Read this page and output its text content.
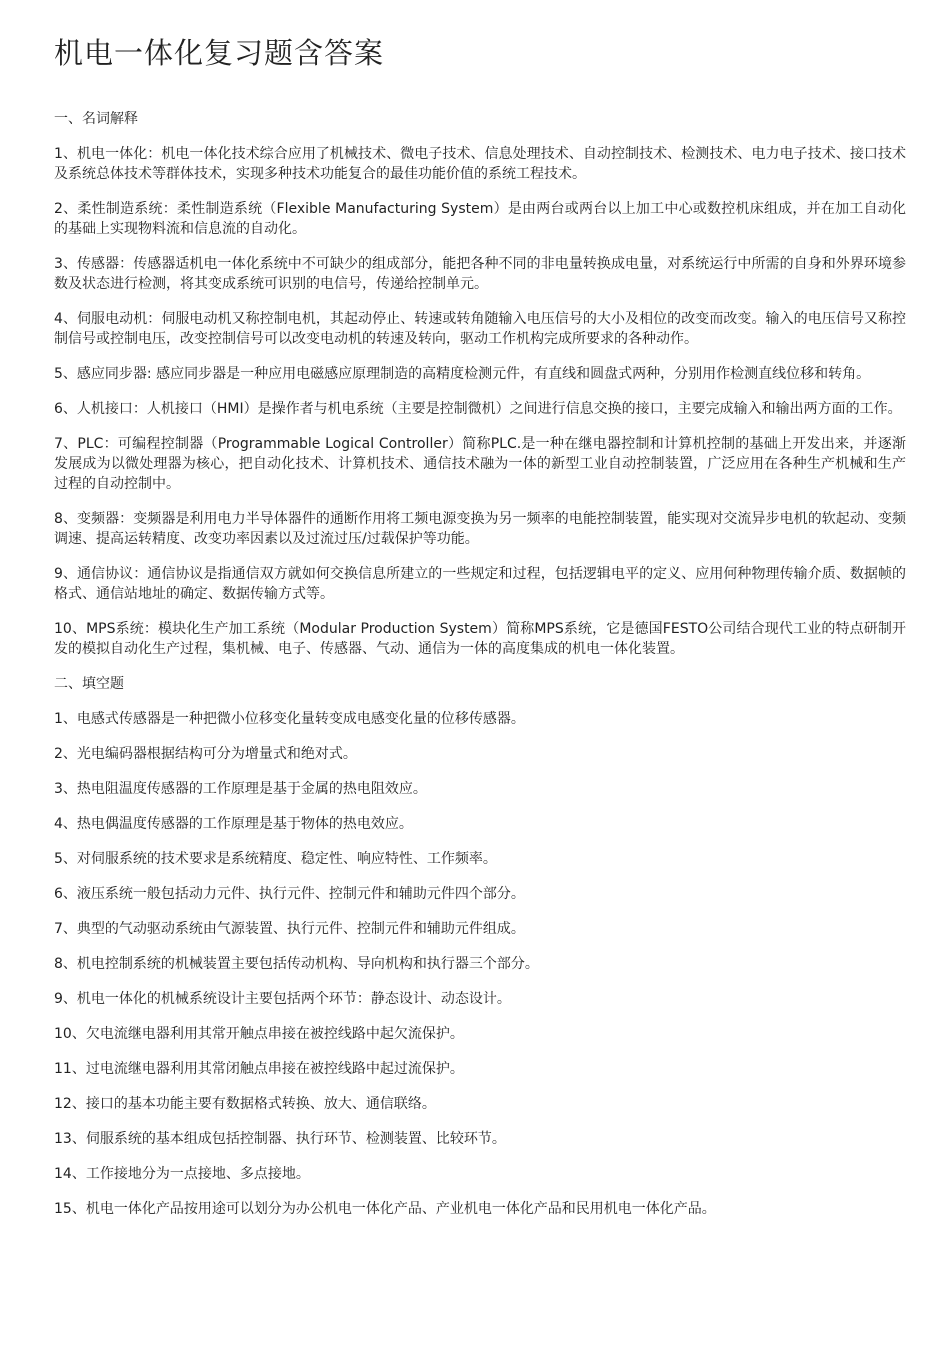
机电一体化复习题含答案

一、名词解释

1、机电一体化：机电一体化技术综合应用了机械技术、微电子技术、信息处理技术、自动控制技术、检测技术、电力电子技术、接口技术及系统总体技术等群体技术，实现多种技术功能复合的最佳功能价值的系统工程技术。

2、柔性制造系统：柔性制造系统（Flexible Manufacturing System）是由两台或两台以上加工中心或数控机床组成，并在加工自动化的基础上实现物料流和信息流的自动化。

3、传感器：传感器适机电一体化系统中不可缺少的组成部分，能把各种不同的非电量转换成电量，对系统运行中所需的自身和外界环境参数及状态进行检测，将其变成系统可识别的电信号，传递给控制单元。

4、伺服电动机：伺服电动机又称控制电机，其起动停止、转速或转角随输入电压信号的大小及相位的改变而改变。输入的电压信号又称控制信号或控制电压，改变控制信号可以改变电动机的转速及转向，驱动工作机构完成所要求的各种动作。

5、感应同步器: 感应同步器是一种应用电磁感应原理制造的高精度检测元件，有直线和圆盘式两种，分别用作检测直线位移和转角。

6、人机接口：人机接口（HMI）是操作者与机电系统（主要是控制微机）之间进行信息交换的接口，主要完成输入和输出两方面的工作。

7、PLC：可编程控制器（Programmable Logical Controller）简称PLC.是一种在继电器控制和计算机控制的基础上开发出来，并逐渐发展成为以微处理器为核心，把自动化技术、计算机技术、通信技术融为一体的新型工业自动控制装置，广泛应用在各种生产机械和生产过程的自动控制中。

8、变频器：变频器是利用电力半导体器件的通断作用将工频电源变换为另一频率的电能控制装置，能实现对交流异步电机的软起动、变频调速、提高运转精度、改变功率因素以及过流过压/过载保护等功能。

9、通信协议：通信协议是指通信双方就如何交换信息所建立的一些规定和过程，包括逻辑电平的定义、应用何种物理传输介质、数据帧的格式、通信站地址的确定、数据传输方式等。

10、MPS系统：模块化生产加工系统（Modular Production System）简称MPS系统，它是德国FESTO公司结合现代工业的特点研制开发的模拟自动化生产过程，集机械、电子、传感器、气动、通信为一体的高度集成的机电一体化装置。

二、填空题

1、电感式传感器是一种把微小位移变化量转变成电感变化量的位移传感器。

2、光电编码器根据结构可分为增量式和绝对式。

3、热电阻温度传感器的工作原理是基于金属的热电阻效应。

4、热电偶温度传感器的工作原理是基于物体的热电效应。

5、对伺服系统的技术要求是系统精度、稳定性、响应特性、工作频率。

6、液压系统一般包括动力元件、执行元件、控制元件和辅助元件四个部分。

7、典型的气动驱动系统由气源装置、执行元件、控制元件和辅助元件组成。

8、机电控制系统的机械装置主要包括传动机构、导向机构和执行器三个部分。

9、机电一体化的机械系统设计主要包括两个环节：静态设计、动态设计。

10、欠电流继电器利用其常开触点串接在被控线路中起欠流保护。

11、过电流继电器利用其常闭触点串接在被控线路中起过流保护。

12、接口的基本功能主要有数据格式转换、放大、通信联络。

13、伺服系统的基本组成包括控制器、执行环节、检测装置、比较环节。

14、工作接地分为一点接地、多点接地。

15、机电一体化产品按用途可以划分为办公机电一体化产品、产业机电一体化产品和民用机电一体化产品。
